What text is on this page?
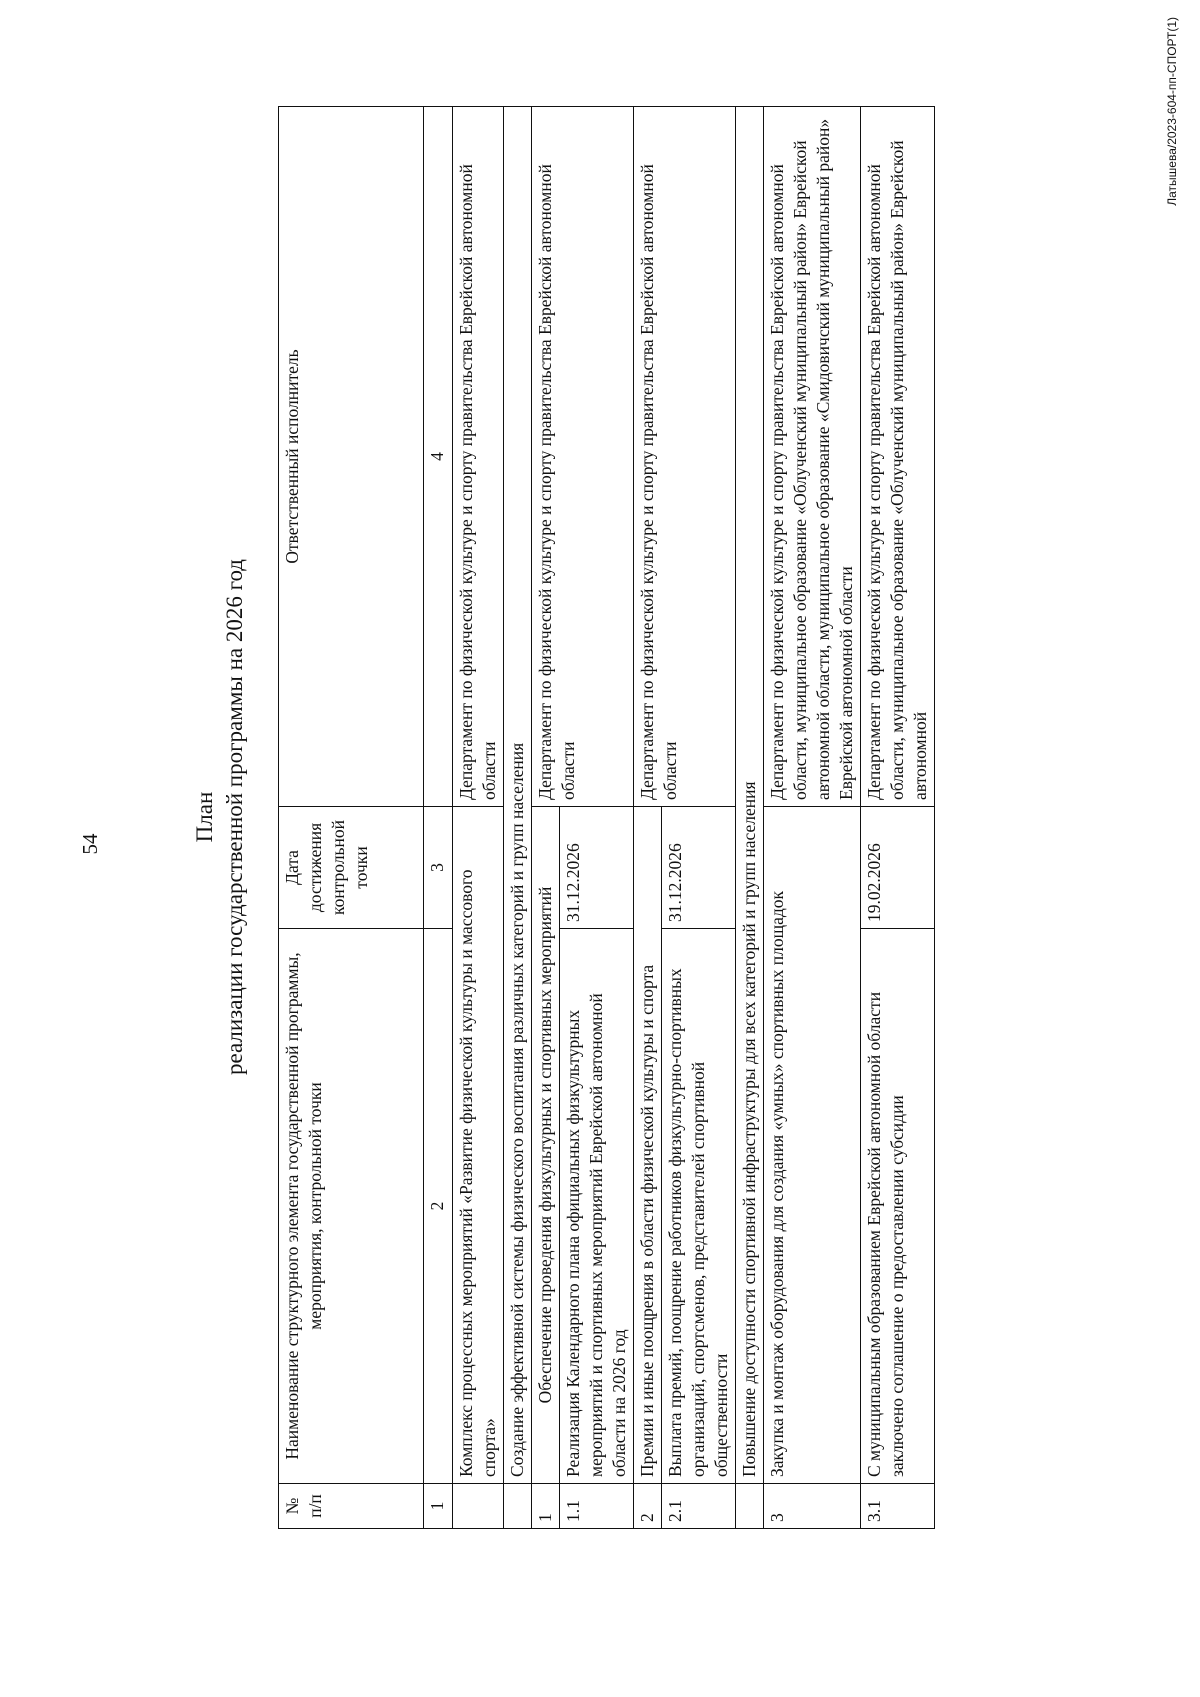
54
План реализации государственной программы на 2026 год
№ п/п	Наименование структурного элемента государственной программы, мероприятия, контрольной точки	Дата достижения контрольной точки	Ответственный исполнитель
1	2	3	4
	Комплекс процессных мероприятий «Развитие физической культуры и массового спорта»		Департамент по физической культуре и спорту правительства Еврейской автономной области
	Создание эффективной системы физического воспитания различных категорий и групп населения		
1	Обеспечение проведения физкультурных и спортивных мероприятий		Департамент по физической культуре и спорту правительства Еврейской автономной области
1.1	Реализация Календарного плана официальных физкультурных мероприятий и спортивных мероприятий Еврейской автономной области на 2026 год	31.12.2026	
2	Премии и иные поощрения в области физической культуры и спорта		Департамент по физической культуре и спорту правительства Еврейской автономной области
2.1	Выплата премий, поощрение работников физкультурно-спортивных организаций, спортсменов, представителей спортивной общественности	31.12.2026	
	Повышение доступности спортивной инфраструктуры для всех категорий и групп населения		
3	Закупка и монтаж оборудования для создания «умных» спортивных площадок		Департамент по физической культуре и спорту правительства Еврейской автономной области, муниципальное образование «Облученский муниципальный район» Еврейской автономной области, муниципальное образование «Смидовичский муниципальный район» Еврейской автономной области
3.1	С муниципальным образованием Еврейской автономной области заключено соглашение о предоставлении субсидии	19.02.2026	Департамент по физической культуре и спорту правительства Еврейской автономной области, муниципальное образование «Облученский муниципальный район» Еврейской автономной
Латышева/2023-604-пп-СПОРТ(1)
